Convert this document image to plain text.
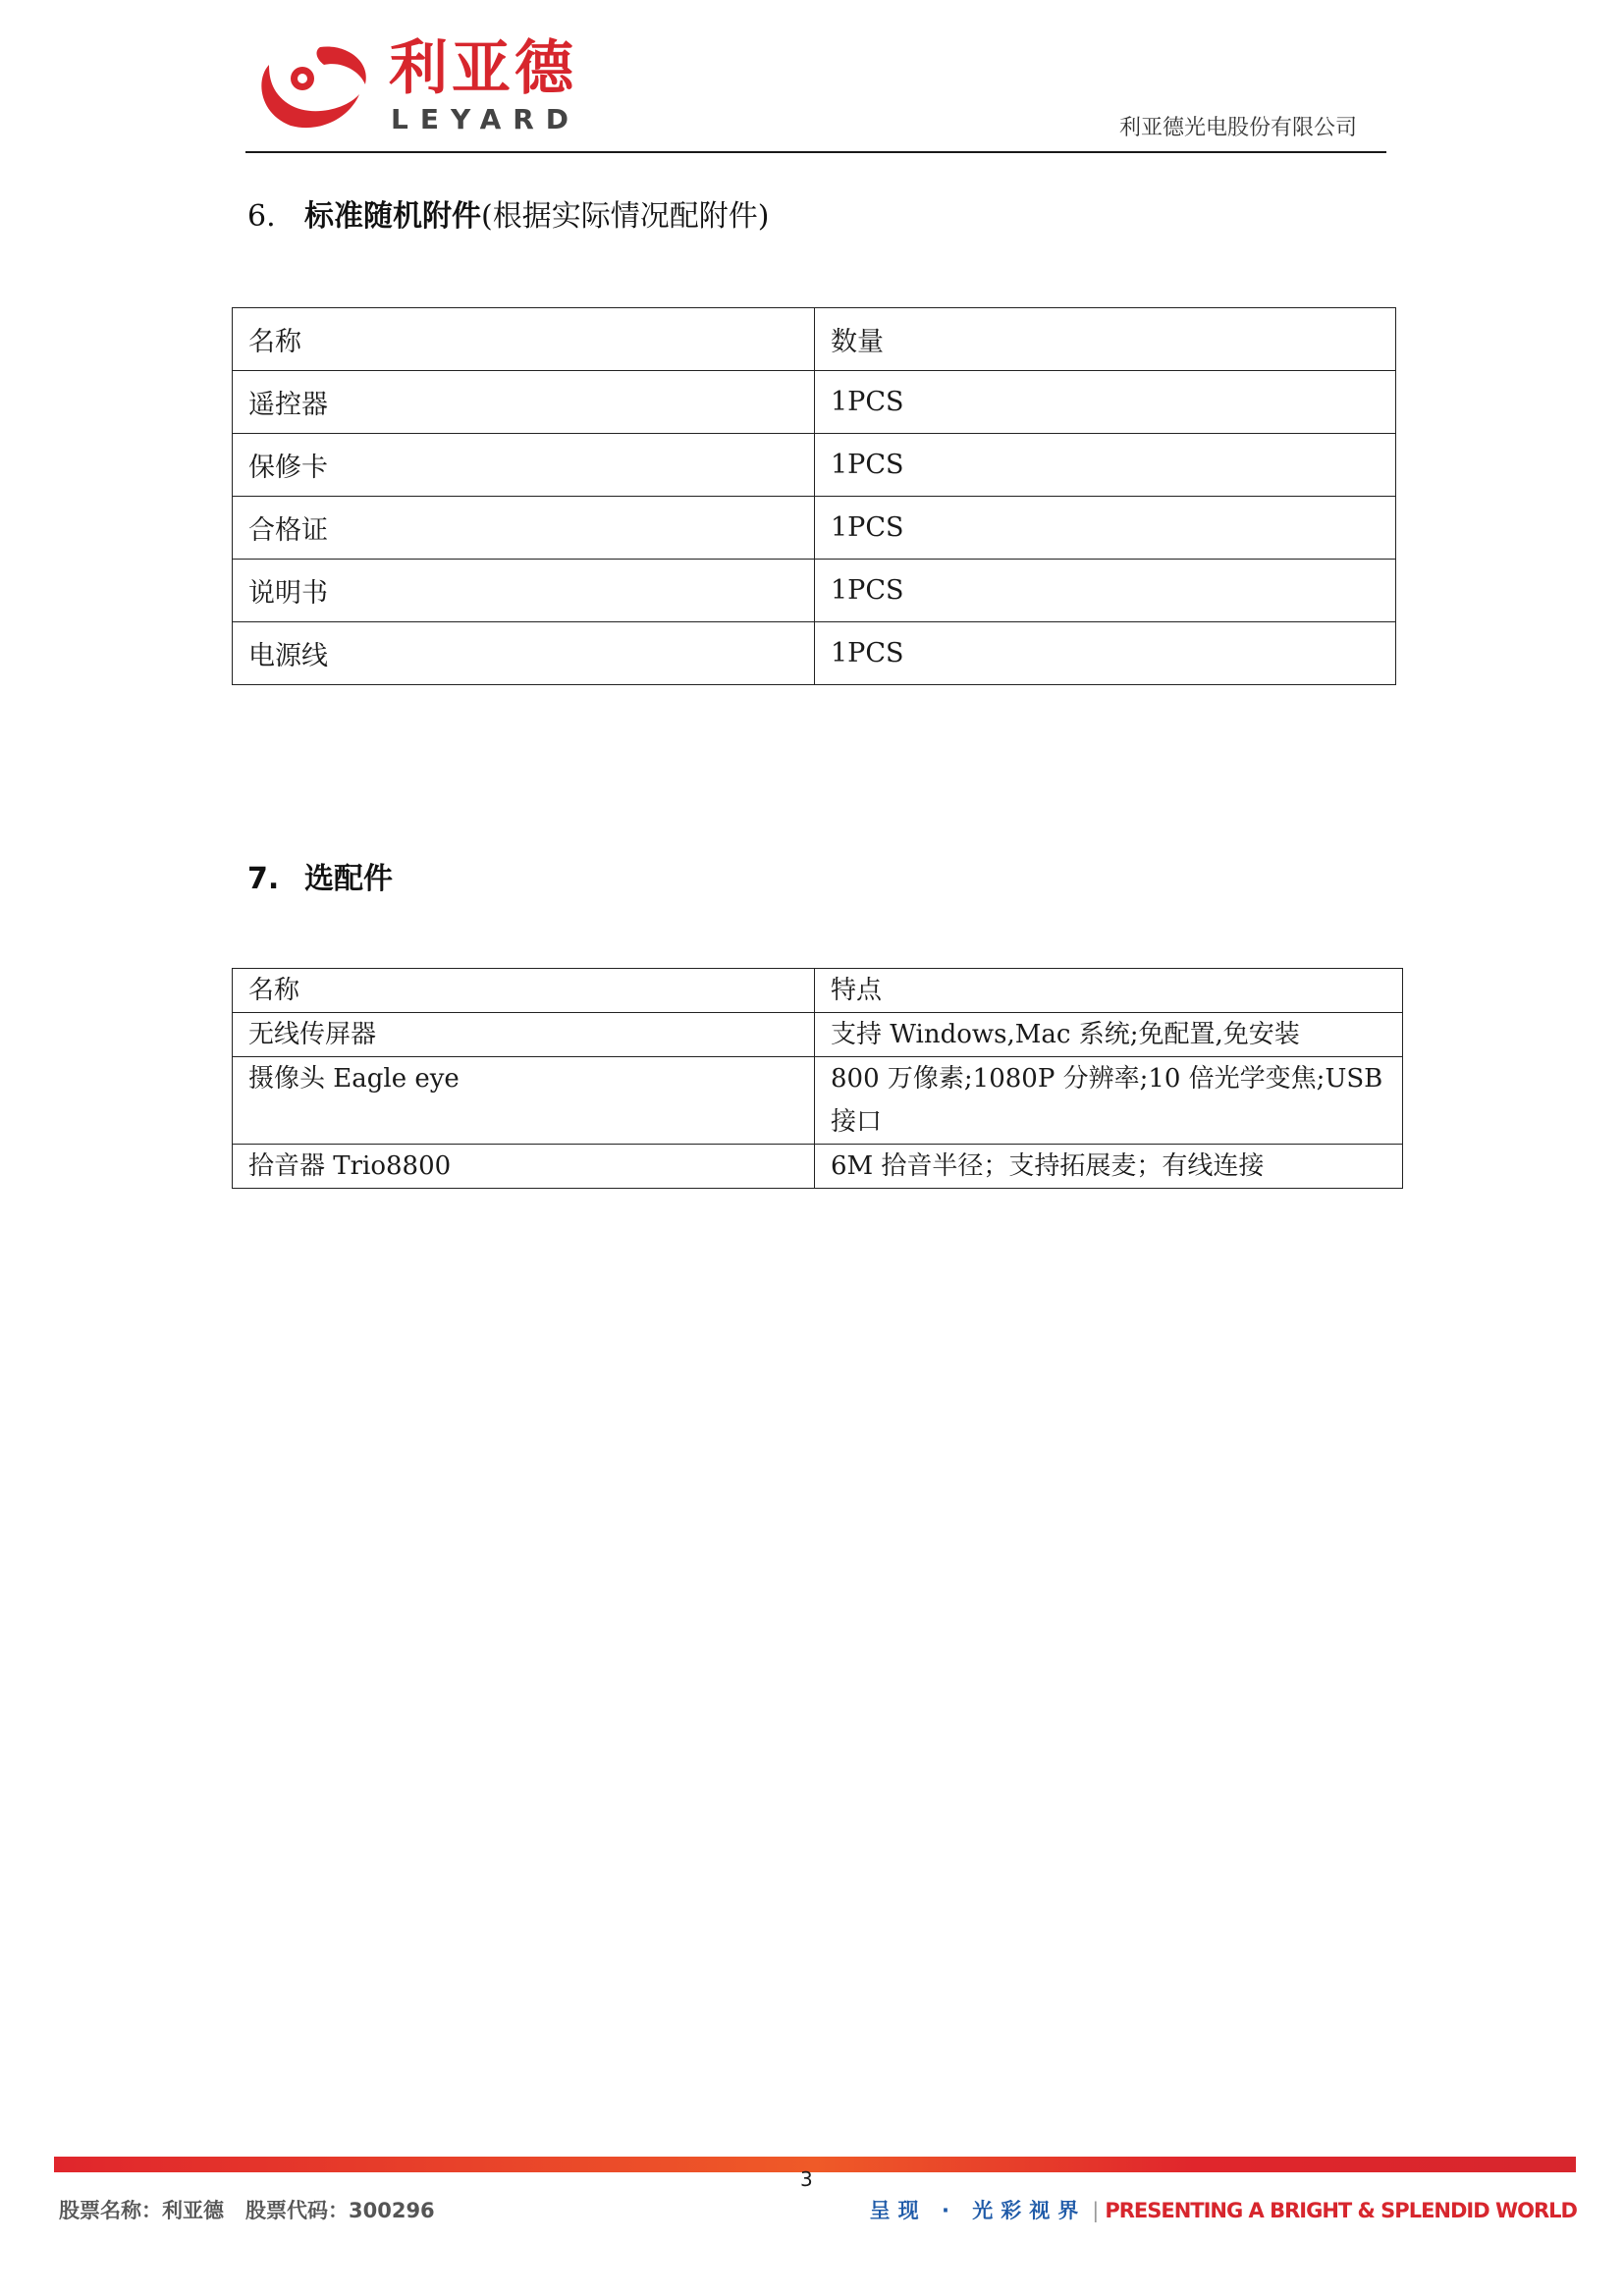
利亚德
LEYARD	利亚德光电股份有限公司
6. 标准随机附件(根据实际情况配附件)
名称	数量
遥控器	1PCS
保修卡	1PCS
合格证	1PCS
说明书	1PCS
电源线	1PCS
7. 选配件
名称	特点
无线传屏器	支持 Windows,Mac 系统;免配置,免安装
摄像头 Eagle eye	800 万像素;1080P 分辨率;10 倍光学变焦;USB 接口
拾音器 Trio8800	6M 拾音半径；支持拓展麦；有线连接
3
股票名称：利亚德 股票代码：300296	呈现 · 光彩视界 | PRESENTING A BRIGHT & SPLENDID WORLD
